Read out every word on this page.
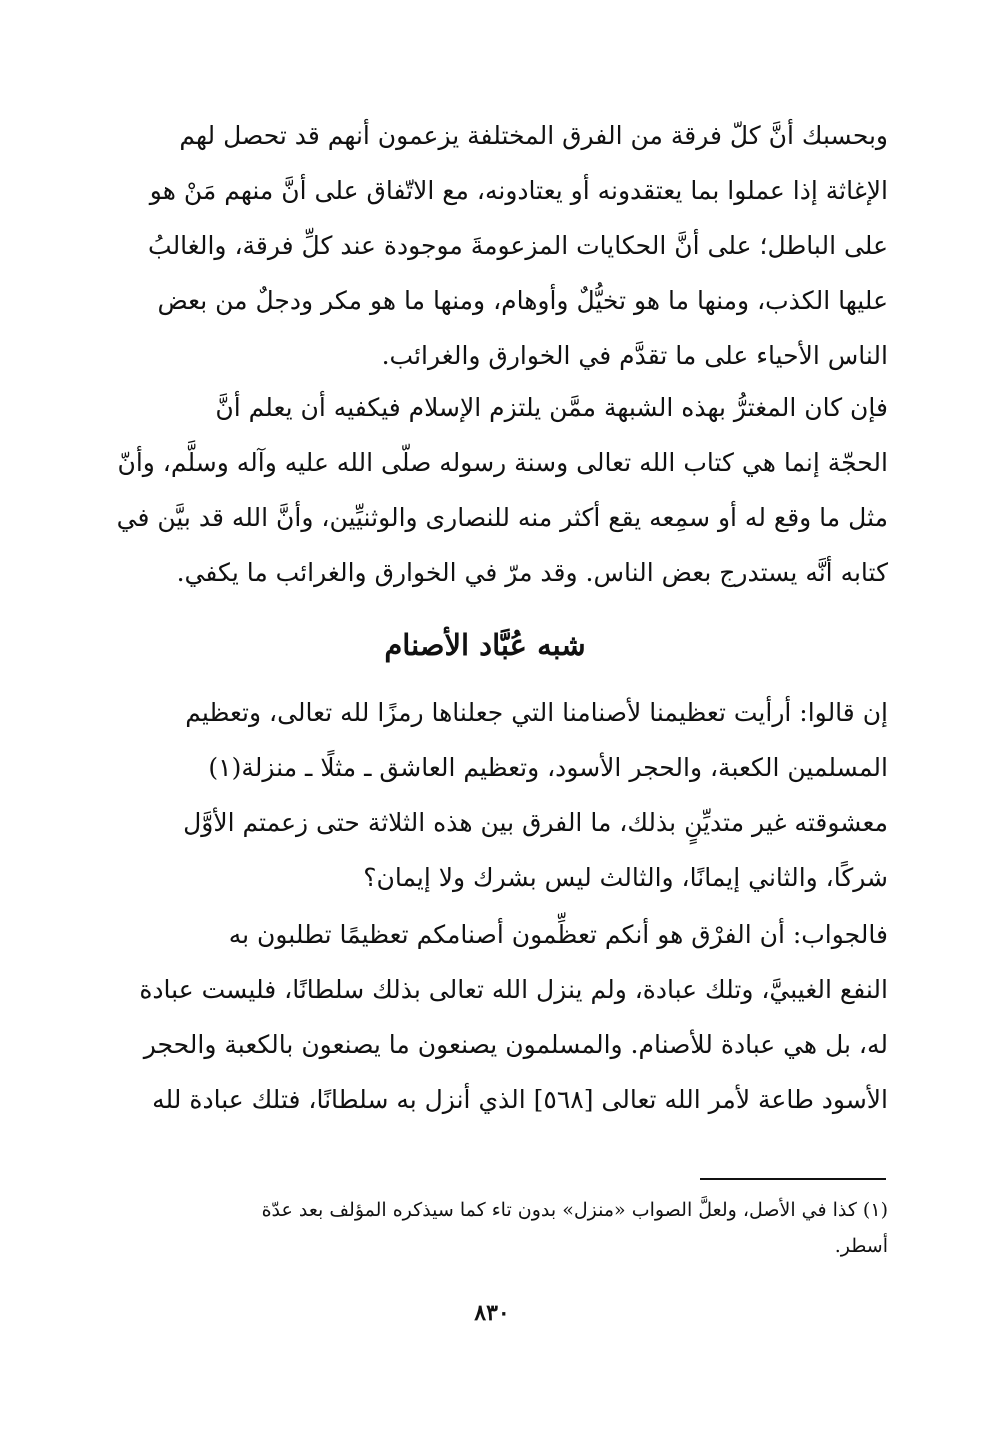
وبحسبك أنَّ كلّ فرقة من الفرق المختلفة يزعمون أنهم قد تحصل لهم
الإغاثة إذا عملوا بما يعتقدونه أو يعتادونه، مع الاتّفاق على أنَّ منهم مَنْ هو
على الباطل؛ على أنَّ الحكايات المزعومةَ موجودة عند كلِّ فرقة، والغالبُ
عليها الكذب، ومنها ما هو تخيُّلٌ وأوهام، ومنها ما هو مكر ودجلٌ من بعض
الناس الأحياء على ما تقدَّم في الخوارق والغرائب.
فإن كان المغترُّ بهذه الشبهة ممَّن يلتزم الإسلام فيكفيه أن يعلم أنَّ
الحجّة إنما هي كتاب الله تعالى وسنة رسوله صلّى الله عليه وآله وسلَّم، وأنّ
مثل ما وقع له أو سمِعه يقع أكثر منه للنصارى والوثنيِّين، وأنَّ الله قد بيَّن في
كتابه أنَّه يستدرج بعض الناس. وقد مرّ في الخوارق والغرائب ما يكفي.
شبه عُبَّاد الأصنام
إن قالوا: أرأيت تعظيمنا لأصنامنا التي جعلناها رمزًا لله تعالى، وتعظيم
المسلمين الكعبة، والحجر الأسود، وتعظيم العاشق ـ مثلًا ـ منزلة(١)
معشوقته غير متديِّنٍ بذلك، ما الفرق بين هذه الثلاثة حتى زعمتم الأوَّل
شركًا، والثاني إيمانًا، والثالث ليس بشرك ولا إيمان؟
فالجواب: أن الفرْق هو أنكم تعظِّمون أصنامكم تعظيمًا تطلبون به
النفع الغيبيَّ، وتلك عبادة، ولم ينزل الله تعالى بذلك سلطانًا، فليست عبادة
له، بل هي عبادة للأصنام. والمسلمون يصنعون ما يصنعون بالكعبة والحجر
الأسود طاعة لأمر الله تعالى [٥٦٨] الذي أنزل به سلطانًا، فتلك عبادة لله
(١) كذا في الأصل، ولعلَّ الصواب «منزل» بدون تاء كما سيذكره المؤلف بعد عدّة
أسطر.
٨٣٠
